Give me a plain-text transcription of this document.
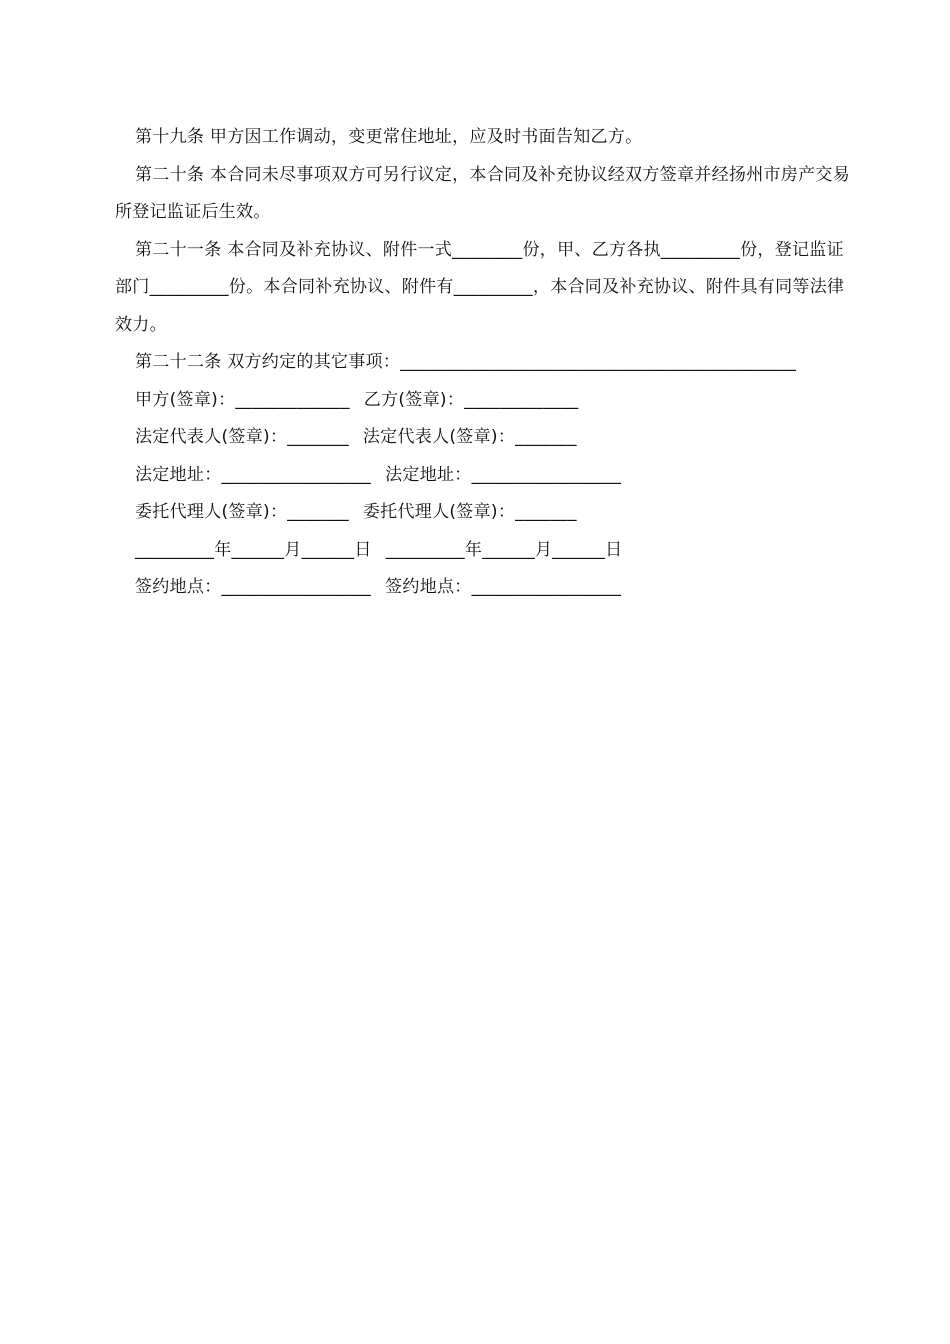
第十九条 甲方因工作调动，变更常住地址，应及时书面告知乙方。

第二十条 本合同未尽事项双方可另行议定，本合同及补充协议经双方签章并经扬州市房产交易所登记监证后生效。

第二十一条 本合同及补充协议、附件一式________份，甲、乙方各执_________份，登记监证部门_________份。本合同补充协议、附件有_________，本合同及补充协议、附件具有同等法律效力。

第二十二条 双方约定的其它事项：_____________________________________________

甲方(签章)：_____________ 乙方(签章)：_____________

法定代表人(签章)：_______ 法定代表人(签章)：_______

法定地址：_________________ 法定地址：_________________

委托代理人(签章)：_______ 委托代理人(签章)：_______

_________年______月______日 _________年______月______日

签约地点：_________________ 签约地点：_________________
